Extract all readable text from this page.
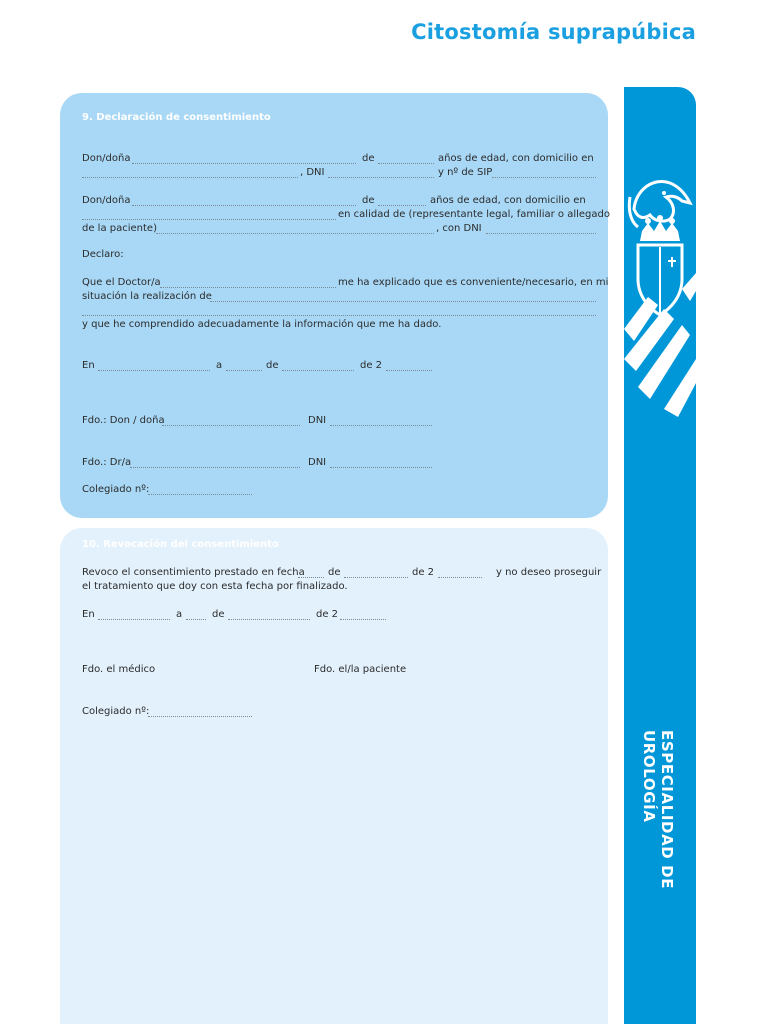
Citostomía suprapúbica
ESPECIALIDAD DE
UROLOGÍA
9. Declaración de consentimiento
Don/doña	de	años de edad, con domicilio en
, DNI	y nº de SIP
Don/doña	de	años de edad, con domicilio en
en calidad de (representante legal, familiar o allegado
de la paciente)	, con DNI
Declaro:
Que el Doctor/a	me ha explicado que es conveniente/necesario, en mi
situación la realización de
y que he comprendido adecuadamente la información que me ha dado.
En	a	de	de 2
Fdo.: Don / doña	DNI
Fdo.: Dr/a	DNI
Colegiado nº:
10. Revocación del consentimiento
Revoco el consentimiento prestado en fecha de	de 2	y no deseo proseguir
el tratamiento que doy con esta fecha por finalizado.
En	a	de	de 2
Fdo. el médico	Fdo. el/la paciente
Colegiado nº:
